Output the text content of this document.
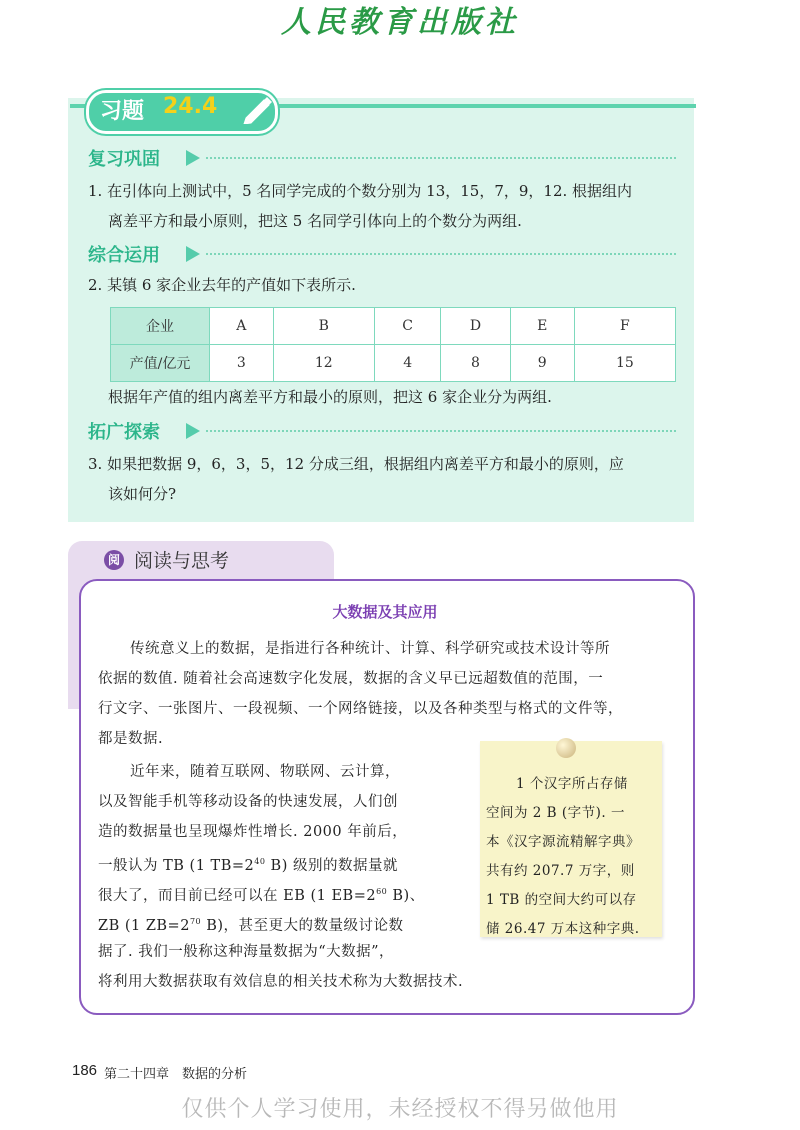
人民教育出版社
习题 24.4
复习巩固
1. 在引体向上测试中，5 名同学完成的个数分别为 13，15，7，9，12. 根据组内
离差平方和最小原则，把这 5 名同学引体向上的个数分为两组.
综合运用
2. 某镇 6 家企业去年的产值如下表所示.
企业	A	B	C	D	E	F
产值/亿元	3	12	4	8	9	15
根据年产值的组内离差平方和最小的原则，把这 6 家企业分为两组.
拓广探索
3. 如果把数据 9，6，3，5，12 分成三组，根据组内离差平方和最小的原则，应
该如何分?
阅 阅读与思考
大数据及其应用
传统意义上的数据，是指进行各种统计、计算、科学研究或技术设计等所
依据的数值. 随着社会高速数字化发展，数据的含义早已远超数值的范围，一
行文字、一张图片、一段视频、一个网络链接，以及各种类型与格式的文件等，
都是数据.
近年来，随着互联网、物联网、云计算，
以及智能手机等移动设备的快速发展，人们创
造的数据量也呈现爆炸性增长. 2000 年前后，
一般认为 TB (1 $TB=2^{40}$ B) 级别的数据量就
很大了，而目前已经可以在 EB (1 $EB=2^{60}$ B)、
ZB (1 $ZB=2^{70}$ B)，甚至更大的数量级讨论数
据了. 我们一般称这种海量数据为“大数据”，
将利用大数据获取有效信息的相关技术称为大数据技术.
1 个汉字所占存储
空间为 2 B (字节). 一
本《汉字源流精解字典》
共有约 207.7 万字，则
1 TB 的空间大约可以存
储 26.47 万本这种字典.
186 第二十四章　数据的分析
仅供个人学习使用，未经授权不得另做他用
